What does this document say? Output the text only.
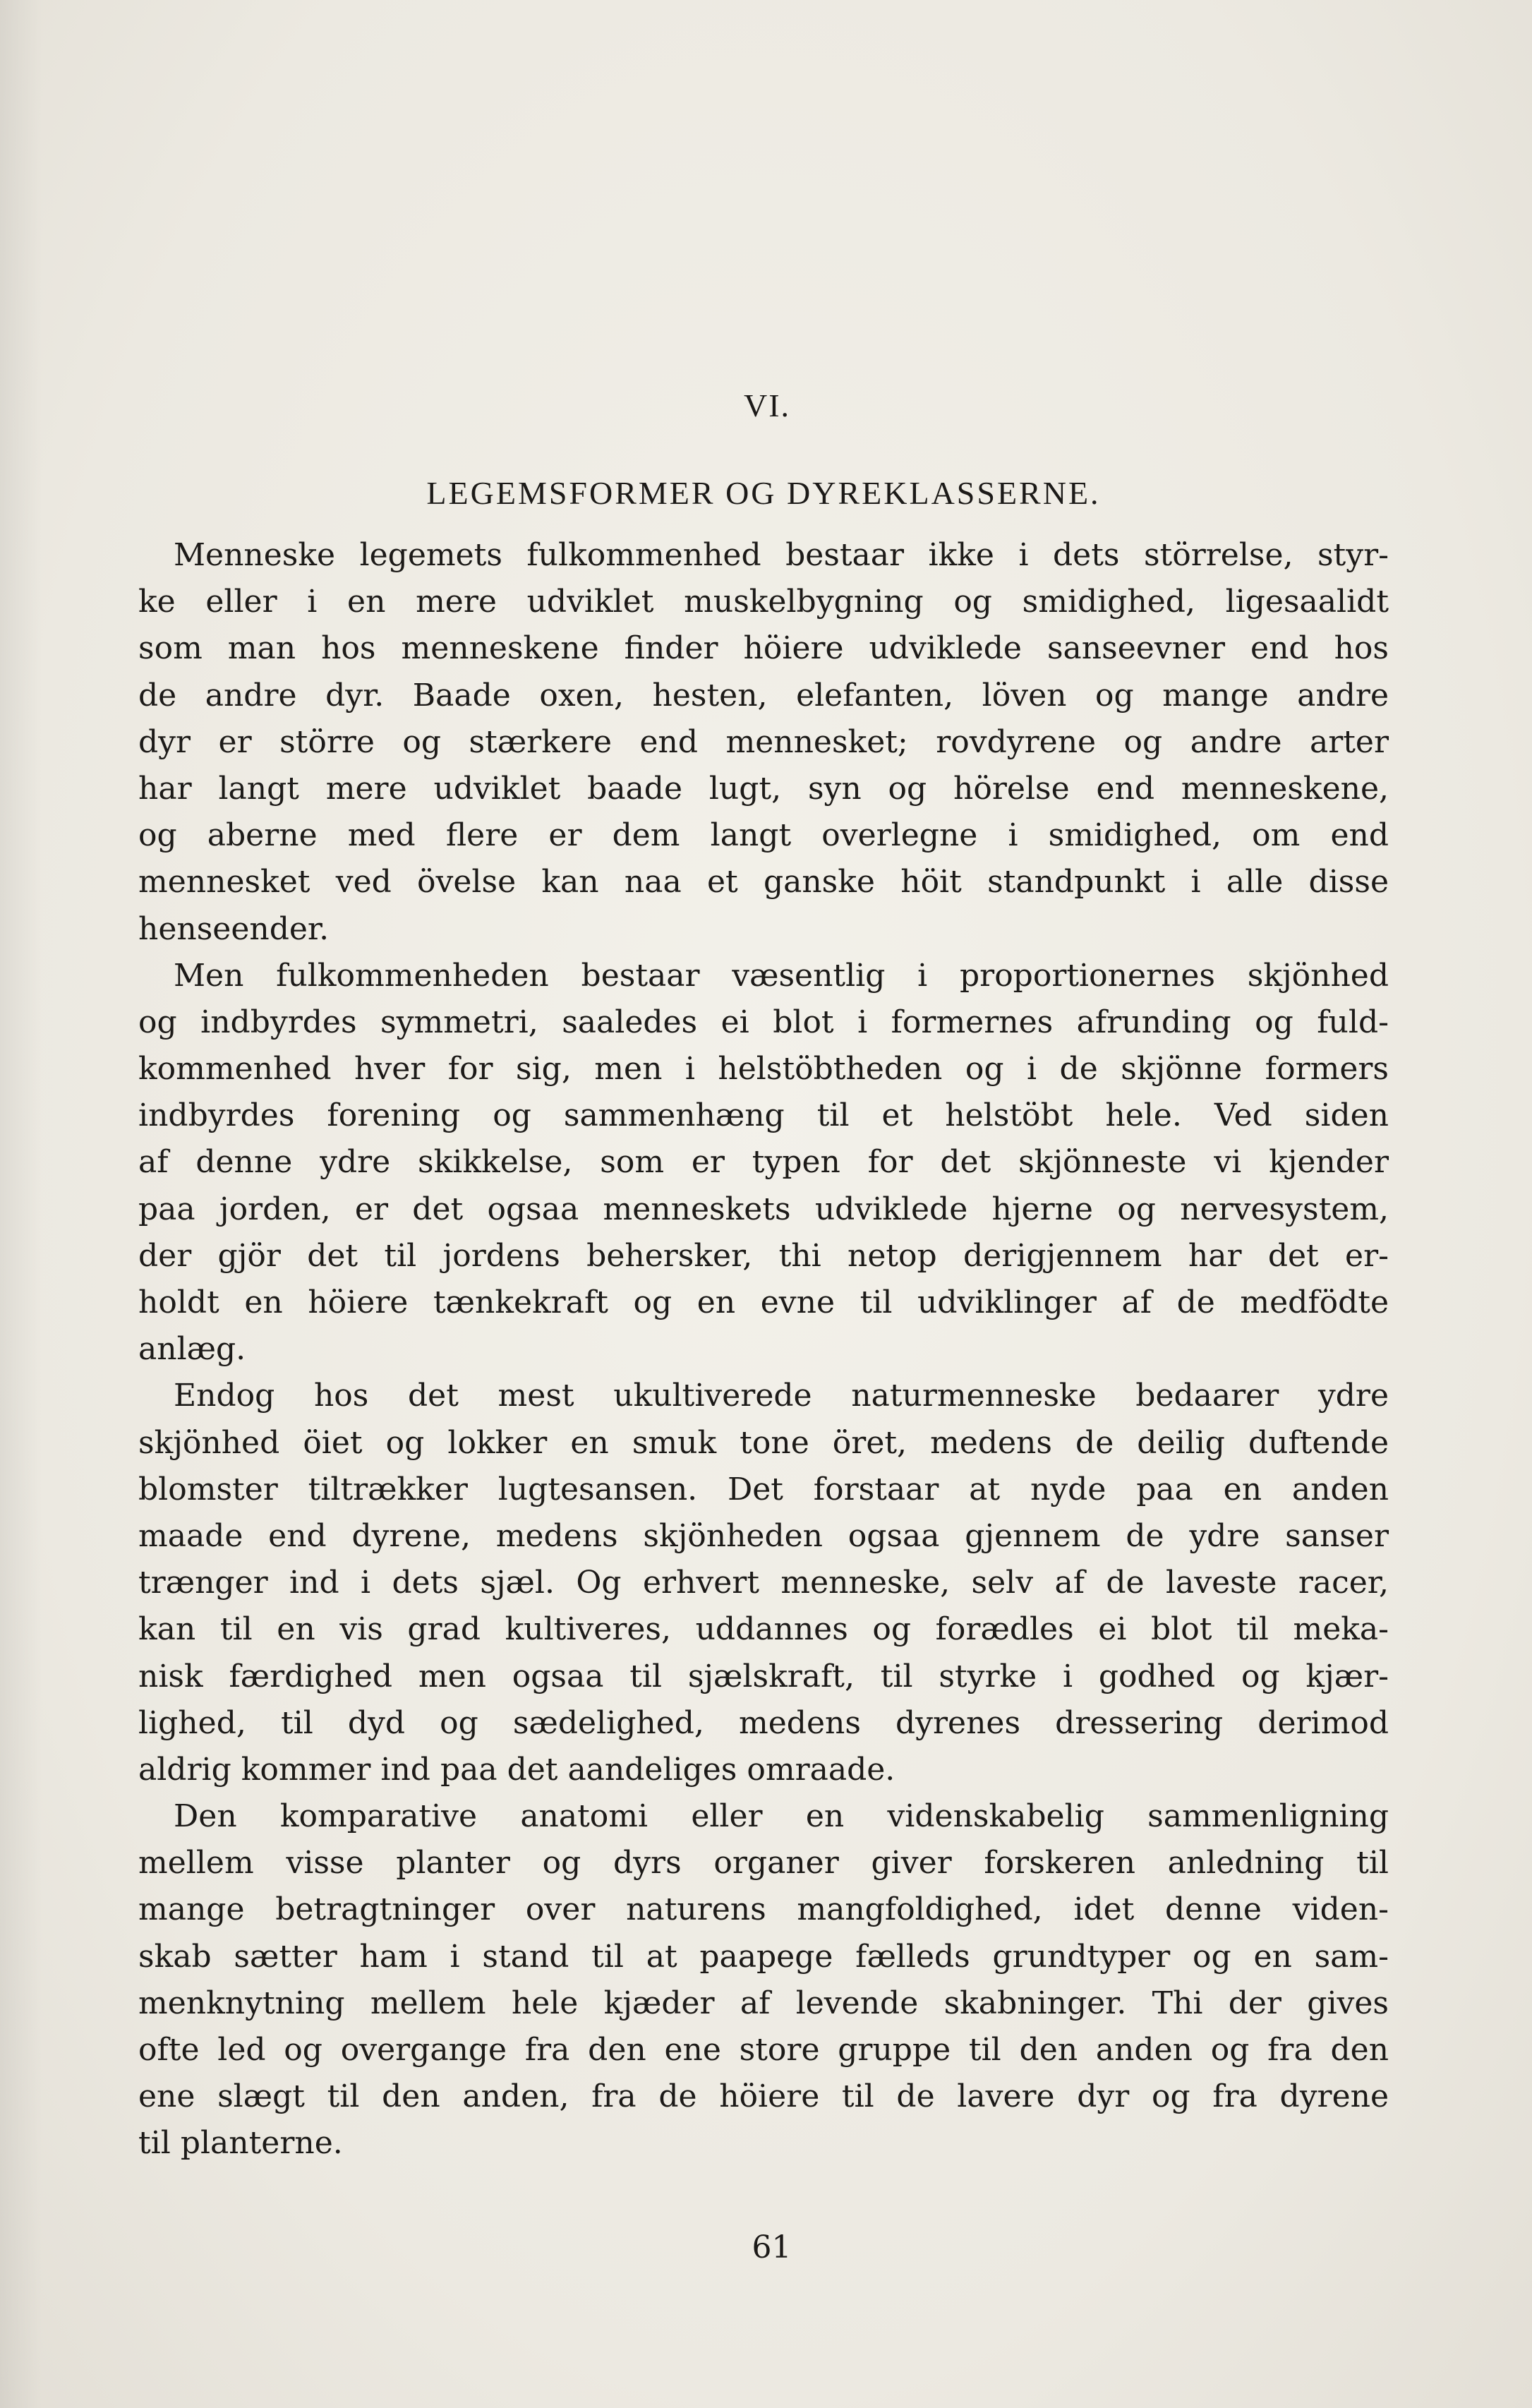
VI.
LEGEMSFORMER OG DYREKLASSERNE.

Menneske legemets fulkommenhed bestaar ikke i dets störrelse, styr-
ke eller i en mere udviklet muskelbygning og smidighed, ligesaalidt
som man hos menneskene finder höiere udviklede sanseevner end hos
de andre dyr. Baade oxen, hesten, elefanten, löven og mange andre
dyr er större og stærkere end mennesket; rovdyrene og andre arter
har langt mere udviklet baade lugt, syn og hörelse end menneskene,
og aberne med flere er dem langt overlegne i smidighed, om end
mennesket ved övelse kan naa et ganske höit standpunkt i alle disse
henseender.

Men fulkommenheden bestaar væsentlig i proportionernes skjönhed
og indbyrdes symmetri, saaledes ei blot i formernes afrunding og fuld-
kommenhed hver for sig, men i helstöbtheden og i de skjönne formers
indbyrdes forening og sammenhæng til et helstöbt hele. Ved siden
af denne ydre skikkelse, som er typen for det skjönneste vi kjender
paa jorden, er det ogsaa menneskets udviklede hjerne og nervesystem,
der gjör det til jordens behersker, thi netop derigjennem har det er-
holdt en höiere tænkekraft og en evne til udviklinger af de medfödte
anlæg.

Endog hos det mest ukultiverede naturmenneske bedaarer ydre
skjönhed öiet og lokker en smuk tone öret, medens de deilig duftende
blomster tiltrækker lugtesansen. Det forstaar at nyde paa en anden
maade end dyrene, medens skjönheden ogsaa gjennem de ydre sanser
trænger ind i dets sjæl. Og erhvert menneske, selv af de laveste racer,
kan til en vis grad kultiveres, uddannes og forædles ei blot til meka-
nisk færdighed men ogsaa til sjælskraft, til styrke i godhed og kjær-
lighed, til dyd og sædelighed, medens dyrenes dressering derimod
aldrig kommer ind paa det aandeliges omraade.

Den komparative anatomi eller en videnskabelig sammenligning
mellem visse planter og dyrs organer giver forskeren anledning til
mange betragtninger over naturens mangfoldighed, idet denne viden-
skab sætter ham i stand til at paapege fælleds grundtyper og en sam-
menknytning mellem hele kjæder af levende skabninger. Thi der gives
ofte led og overgange fra den ene store gruppe til den anden og fra den
ene slægt til den anden, fra de höiere til de lavere dyr og fra dyrene
til planterne.

61
